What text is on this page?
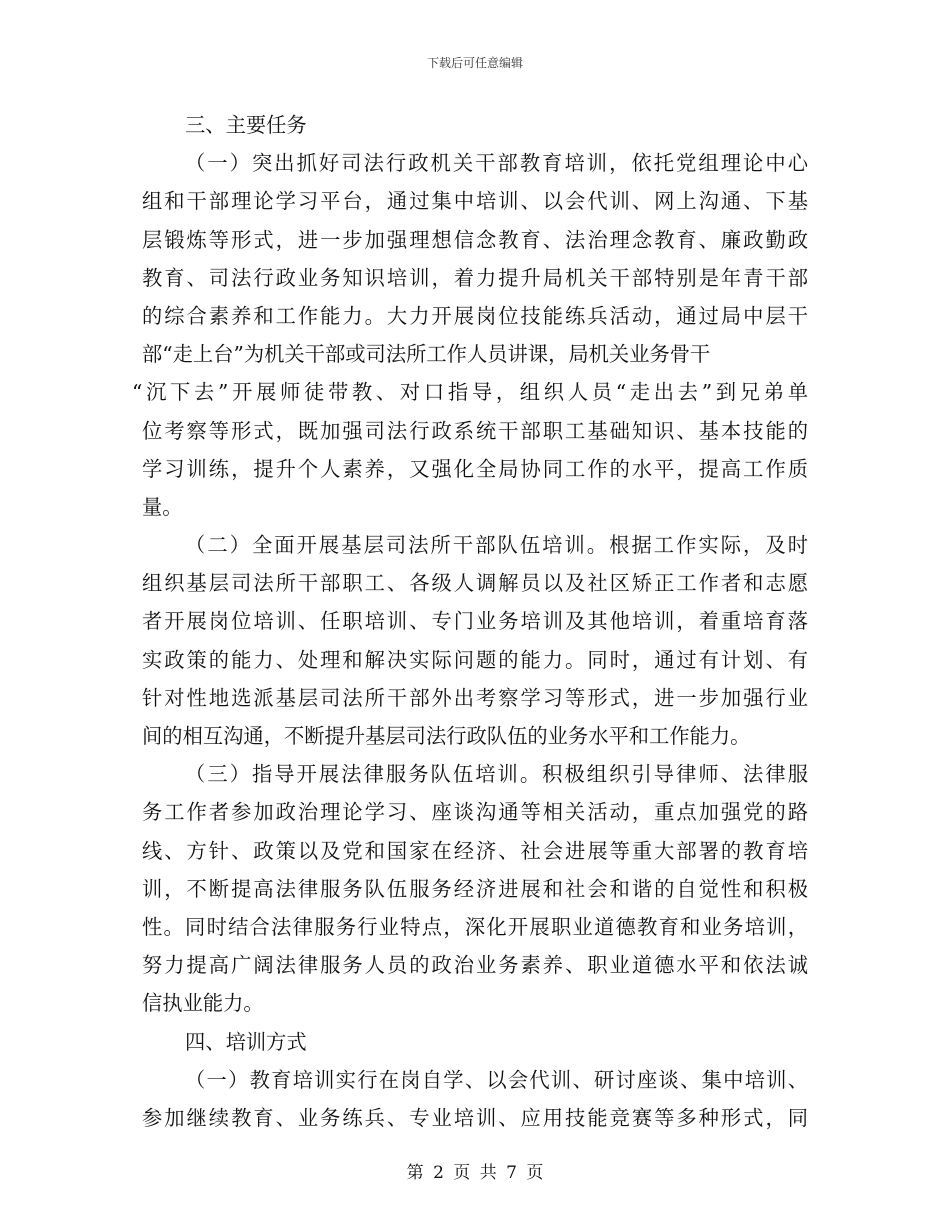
下载后可任意编辑
三、主要任务
（一）突出抓好司法行政机关干部教育培训，依托党组理论中心
组和干部理论学习平台，通过集中培训、以会代训、网上沟通、下基
层锻炼等形式，进一步加强理想信念教育、法治理念教育、廉政勤政
教育、司法行政业务知识培训，着力提升局机关干部特别是年青干部
的综合素养和工作能力。大力开展岗位技能练兵活动，通过局中层干
部“走上台”为机关干部或司法所工作人员讲课，局机关业务骨干
“沉下去”开展师徒带教、对口指导，组织人员“走出去”到兄弟单
位考察等形式，既加强司法行政系统干部职工基础知识、基本技能的
学习训练，提升个人素养，又强化全局协同工作的水平，提高工作质
量。
（二）全面开展基层司法所干部队伍培训。根据工作实际，及时
组织基层司法所干部职工、各级人调解员以及社区矫正工作者和志愿
者开展岗位培训、任职培训、专门业务培训及其他培训，着重培育落
实政策的能力、处理和解决实际问题的能力。同时，通过有计划、有
针对性地选派基层司法所干部外出考察学习等形式，进一步加强行业
间的相互沟通，不断提升基层司法行政队伍的业务水平和工作能力。
（三）指导开展法律服务队伍培训。积极组织引导律师、法律服
务工作者参加政治理论学习、座谈沟通等相关活动，重点加强党的路
线、方针、政策以及党和国家在经济、社会进展等重大部署的教育培
训，不断提高法律服务队伍服务经济进展和社会和谐的自觉性和积极
性。同时结合法律服务行业特点，深化开展职业道德教育和业务培训，
努力提高广阔法律服务人员的政治业务素养、职业道德水平和依法诚
信执业能力。
四、培训方式
（一）教育培训实行在岗自学、以会代训、研讨座谈、集中培训、
参加继续教育、业务练兵、专业培训、应用技能竞赛等多种形式，同
第 2 页 共 7 页
